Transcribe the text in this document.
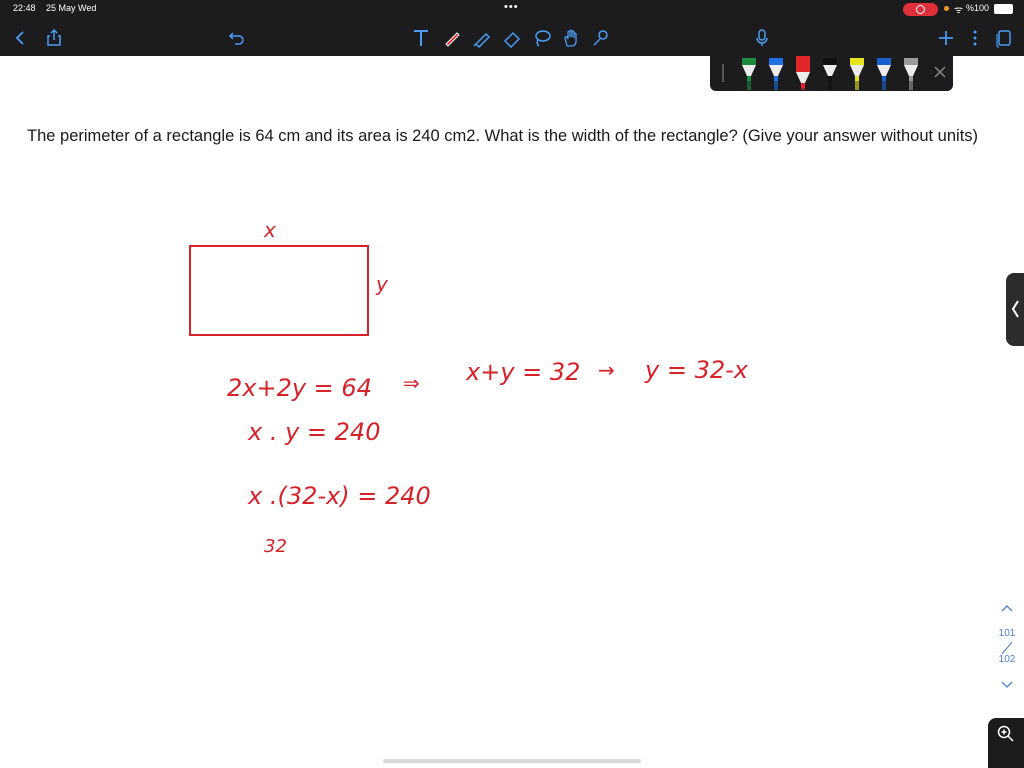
22:48 25 May Wed	•••	ᯤ %100
The perimeter of a rectangle is 64 cm and its area is 240 cm2. What is the width of the rectangle? (Give your answer without units)
x
y
2x+2y = 64 ⇒ x+y = 32 → y = 32-x
x . y = 240
x .(32-x) = 240
32
101
102
